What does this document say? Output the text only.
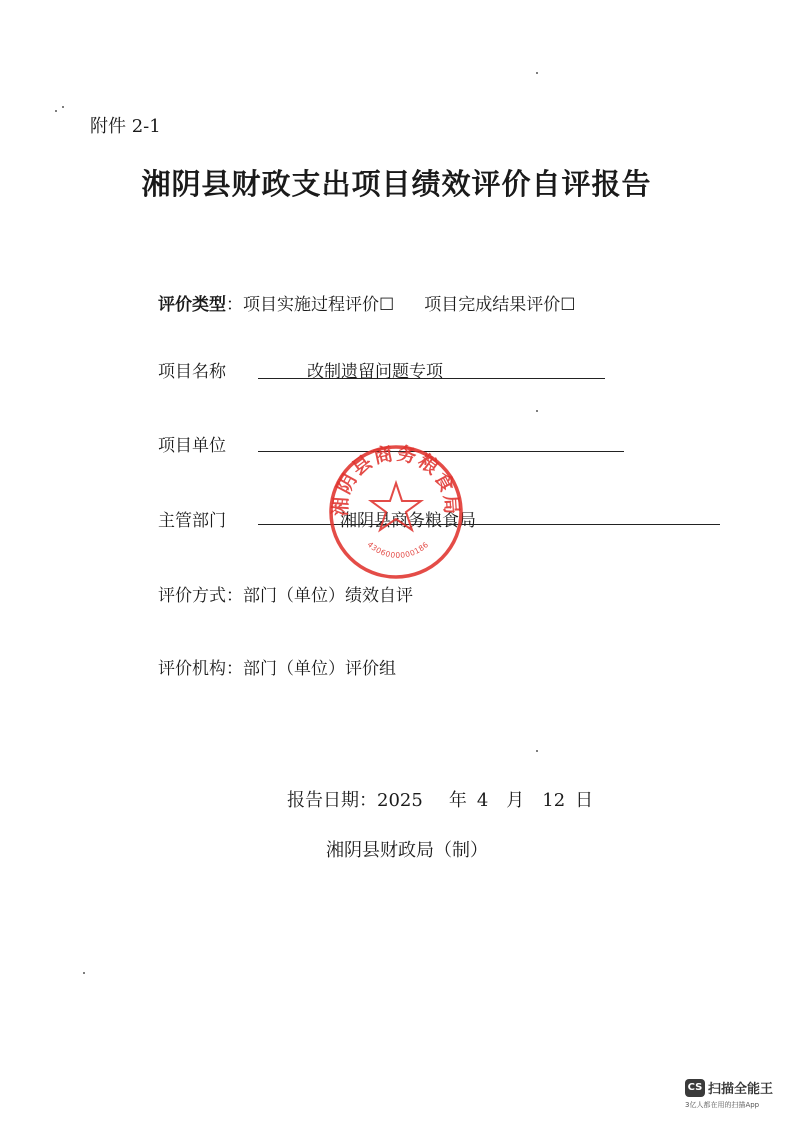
附件 2-1
湘阴县财政支出项目绩效评价自评报告
评价类型：项目实施过程评价☐ 项目完成结果评价☐
项目名称	改制遗留问题专项
项目单位
主管部门	湘阴县商务粮食局
湘阴县商务粮食局
4306000000186
评价方式：部门（单位）绩效自评
评价机构：部门（单位）评价组
报告日期：2025 年 4 月 12 日
湘阴县财政局（制）
CS 扫描全能王
3亿人都在用的扫描App
